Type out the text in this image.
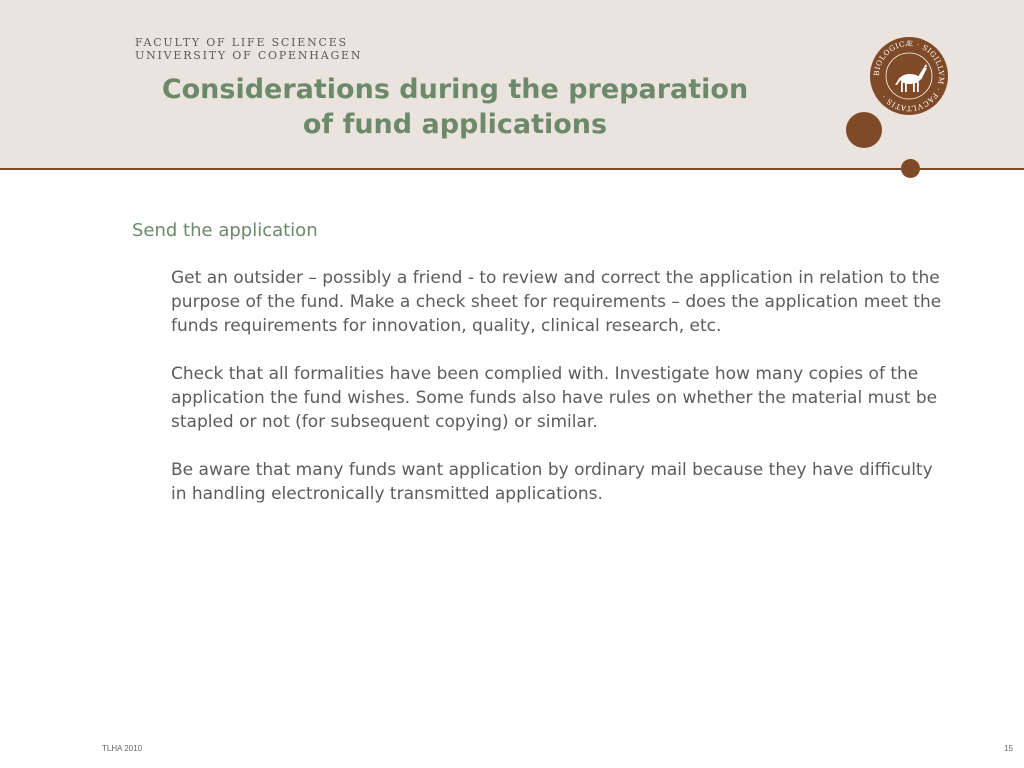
FACULTY OF LIFE SCIENCES
UNIVERSITY OF COPENHAGEN
Considerations during the preparation
of fund applications
BIOLOGICÆ · SIGILLVM · FACVLTATIS ·
Send the application

Get an outsider – possibly a friend - to review and correct the application in relation to the purpose of the fund. Make a check sheet for requirements – does the application meet the funds requirements for innovation, quality, clinical research, etc.

Check that all formalities have been complied with. Investigate how many copies of the application the fund wishes. Some funds also have rules on whether the material must be stapled or not (for subsequent copying) or similar.

Be aware that many funds want application by ordinary mail because they have difficulty in handling electronically transmitted applications.

TLHA 2010	15
